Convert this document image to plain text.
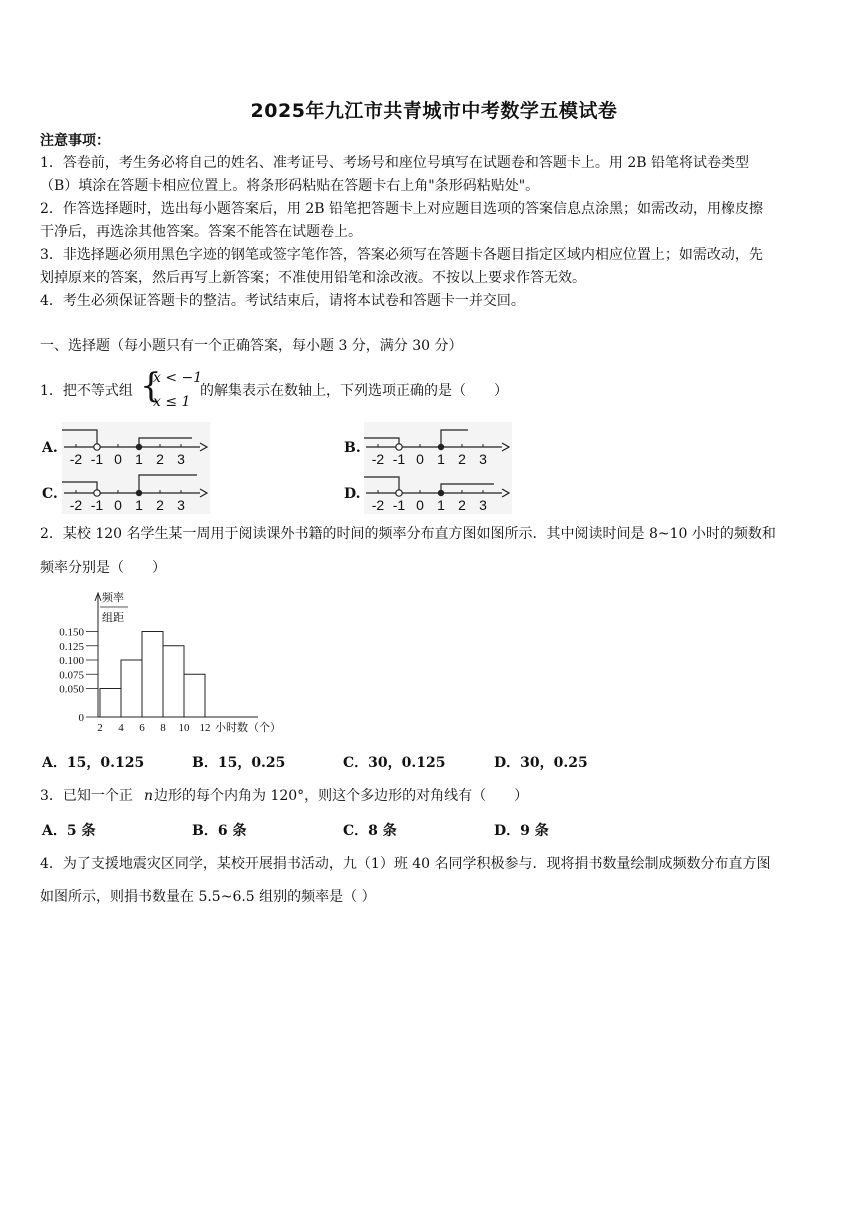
2025年九江市共青城市中考数学五模试卷
注意事项：
1．答卷前，考生务必将自己的姓名、准考证号、考场号和座位号填写在试题卷和答题卡上。用 2B 铅笔将试卷类型
（B）填涂在答题卡相应位置上。将条形码粘贴在答题卡右上角"条形码粘贴处"。
2．作答选择题时，选出每小题答案后，用 2B 铅笔把答题卡上对应题目选项的答案信息点涂黑；如需改动，用橡皮擦
干净后，再选涂其他答案。答案不能答在试题卷上。
3．非选择题必须用黑色字迹的钢笔或签字笔作答，答案必须写在答题卡各题目指定区域内相应位置上；如需改动，先
划掉原来的答案，然后再写上新答案；不准使用铅笔和涂改液。不按以上要求作答无效。
4．考生必须保证答题卡的整洁。考试结束后，请将本试卷和答题卡一并交回。
一、选择题（每小题只有一个正确答案，每小题 3 分，满分 30 分）
1．把不等式组 {
x < −1
x ≤ 1
的解集表示在数轴上，下列选项正确的是（　　）
A.	B.
C.	D.
-2 -1 0 1 2 3	-2 -1 0 1 2 3
-2 -1 0 1 2 3	-2 -1 0 1 2 3
2．某校 120 名学生某一周用于阅读课外书籍的时间的频率分布直方图如图所示．其中阅读时间是 8~10 小时的频数和
频率分别是（　　）
频率
组距
0
0.050
0.075
0.100
0.125
0.150
2 4 6 8 10 12 小时数（个）
A．15，0.125	B．15，0.25	C．30，0.125	D．30，0.25
3．已知一个正 n 边形的每个内角为 120°，则这个多边形的对角线有（　　）
A．5 条	B．6 条	C．8 条	D．9 条
4．为了支援地震灾区同学，某校开展捐书活动，九（1）班 40 名同学积极参与．现将捐书数量绘制成频数分布直方图
如图所示，则捐书数量在 5.5~6.5 组别的频率是（ ）
